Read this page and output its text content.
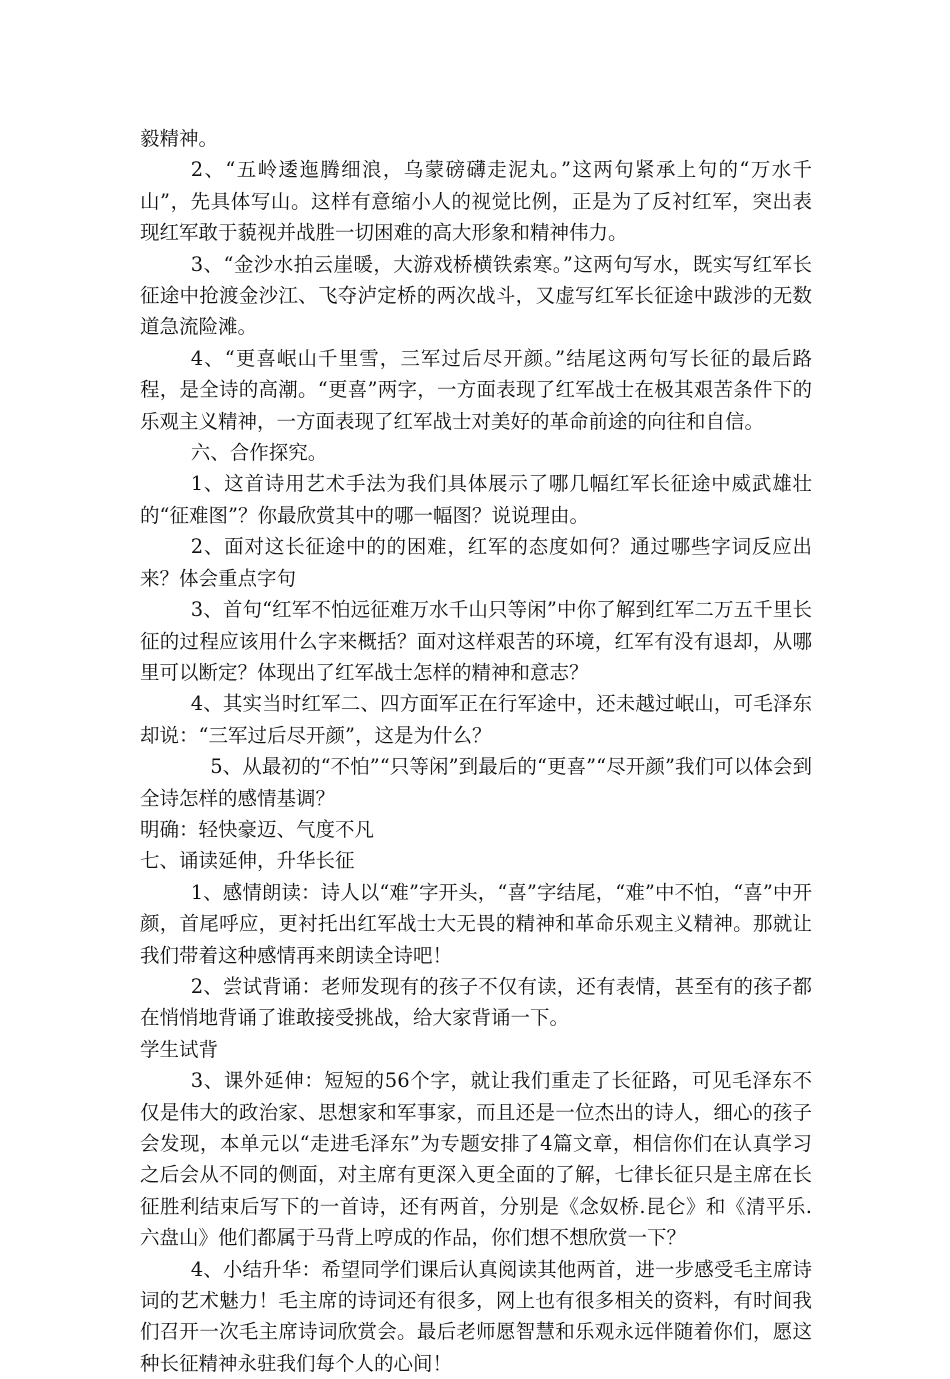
毅精神。

2、“五岭逶迤腾细浪，乌蒙磅礴走泥丸。”这两句紧承上句的“万水千山”，先具体写山。这样有意缩小人的视觉比例，正是为了反衬红军，突出表现红军敢于藐视并战胜一切困难的高大形象和精神伟力。

3、“金沙水拍云崖暖，大游戏桥横铁索寒。”这两句写水，既实写红军长征途中抢渡金沙江、飞夺泸定桥的两次战斗，又虚写红军长征途中跋涉的无数道急流险滩。

4、“更喜岷山千里雪，三军过后尽开颜。”结尾这两句写长征的最后路程，是全诗的高潮。“更喜”两字，一方面表现了红军战士在极其艰苦条件下的乐观主义精神，一方面表现了红军战士对美好的革命前途的向往和自信。

六、合作探究。

1、这首诗用艺术手法为我们具体展示了哪几幅红军长征途中威武雄壮的“征难图”？你最欣赏其中的哪一幅图？说说理由。

2、面对这长征途中的的困难，红军的态度如何？通过哪些字词反应出来？体会重点字句

3、首句“红军不怕远征难万水千山只等闲”中你了解到红军二万五千里长征的过程应该用什么字来概括？面对这样艰苦的环境，红军有没有退却，从哪里可以断定？体现出了红军战士怎样的精神和意志？

4、其实当时红军二、四方面军正在行军途中，还未越过岷山，可毛泽东却说：“三军过后尽开颜”，这是为什么？

5、从最初的“不怕”“只等闲”到最后的“更喜”“尽开颜”我们可以体会到全诗怎样的感情基调？

明确：轻快豪迈、气度不凡

七、诵读延伸，升华长征

1、感情朗读：诗人以“难”字开头，“喜”字结尾，“难”中不怕，“喜”中开颜，首尾呼应，更衬托出红军战士大无畏的精神和革命乐观主义精神。那就让我们带着这种感情再来朗读全诗吧！

2、尝试背诵：老师发现有的孩子不仅有读，还有表情，甚至有的孩子都在悄悄地背诵了谁敢接受挑战，给大家背诵一下。

学生试背

3、课外延伸：短短的56个字，就让我们重走了长征路，可见毛泽东不仅是伟大的政治家、思想家和军事家，而且还是一位杰出的诗人，细心的孩子会发现，本单元以“走进毛泽东”为专题安排了4篇文章，相信你们在认真学习之后会从不同的侧面，对主席有更深入更全面的了解，七律长征只是主席在长征胜利结束后写下的一首诗，还有两首，分别是《念奴桥.昆仑》和《清平乐.六盘山》他们都属于马背上哼成的作品，你们想不想欣赏一下？

4、小结升华：希望同学们课后认真阅读其他两首，进一步感受毛主席诗词的艺术魅力！毛主席的诗词还有很多，网上也有很多相关的资料，有时间我们召开一次毛主席诗词欣赏会。最后老师愿智慧和乐观永远伴随着你们，愿这种长征精神永驻我们每个人的心间！
